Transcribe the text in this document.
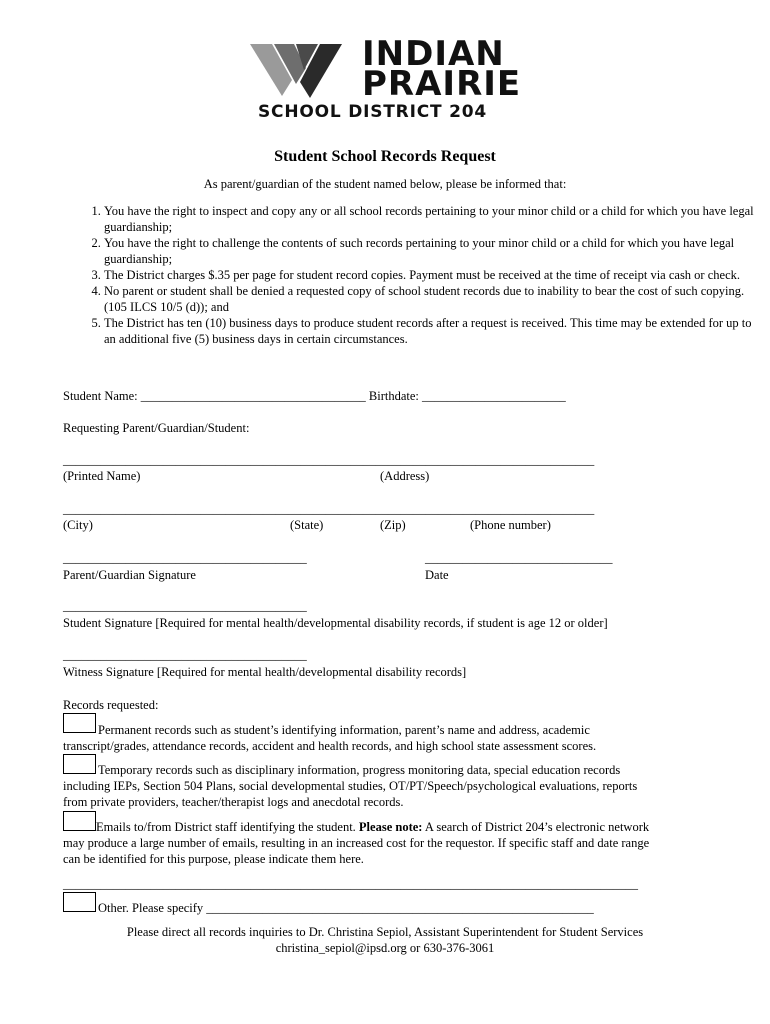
INDIAN
PRAIRIE
SCHOOL DISTRICT 204
Student School Records Request
As parent/guardian of the student named below, please be informed that:
1. You have the right to inspect and copy any or all school records pertaining to your minor child or a child for which you have legal guardianship;
2. You have the right to challenge the contents of such records pertaining to your minor child or a child for which you have legal guardianship;
3. The District charges $.35 per page for student record copies. Payment must be received at the time of receipt via cash or check.
4. No parent or student shall be denied a requested copy of school student records due to inability to bear the cost of such copying. (105 ILCS 10/5 (d)); and
5. The District has ten (10) business days to produce student records after a request is received. This time may be extended for up to an additional five (5) business days in certain circumstances.
Student Name: ____________________________________ Birthdate: _______________________
Requesting Parent/Guardian/Student:
_____________________________________________________________________________________
(Printed Name)	(Address)
_____________________________________________________________________________________
(City)	(State)	(Zip)	(Phone number)
_______________________________________	______________________________
Parent/Guardian Signature	Date
_______________________________________
Student Signature [Required for mental health/developmental disability records, if student is age 12 or older]
_______________________________________
Witness Signature [Required for mental health/developmental disability records]
Records requested:
Permanent records such as student’s identifying information, parent’s name and address, academic
transcript/grades, attendance records, accident and health records, and high school state assessment scores.
Temporary records such as disciplinary information, progress monitoring data, special education records
including IEPs, Section 504 Plans, social developmental studies, OT/PT/Speech/psychological evaluations, reports
from private providers, teacher/therapist logs and anecdotal records.
Emails to/from District staff identifying the student. Please note: A search of District 204’s electronic network
may produce a large number of emails, resulting in an increased cost for the requestor. If specific staff and date range
can be identified for this purpose, please indicate them here.
____________________________________________________________________________________________
Other. Please specify ______________________________________________________________
Please direct all records inquiries to Dr. Christina Sepiol, Assistant Superintendent for Student Services
christina_sepiol@ipsd.org or 630-376-3061
